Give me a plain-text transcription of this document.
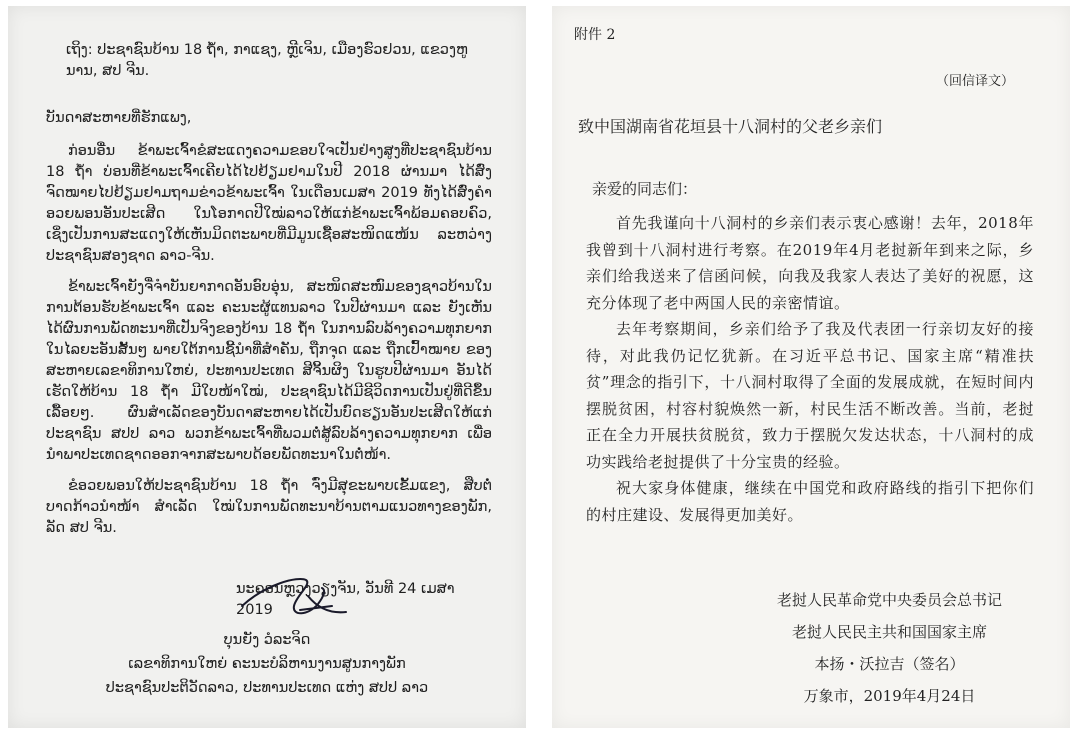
ເຖິງ: ປະຊາຊົນບ້ານ 18 ຖໍ້າ, ກາແຊງ, ຫຼີເຈິນ, ເມືອງຮົວຢວນ, ແຂວງຫູນານ, ສປ ຈີນ.

ບັນດາສະຫາຍທີ່ຮັກແພງ,

ກ່ອນອື່ນ ຂ້າພະເຈົ້າຂໍສະແດງຄວາມຂອບໃຈເປັນຢ່າງສູງທີ່ປະຊາຊົນບ້ານ 18 ຖໍ້າ ບ່ອນທີ່ຂ້າພະເຈົ້າເຄີຍໄດ້ໄປຢ້ຽມຢາມໃນປີ 2018 ຜ່ານມາ ໄດ້ສົ່ງຈົດໝາຍໄປຢ້ຽມຢາມຖາມຂ່າວຂ້າພະເຈົ້າ ໃນເດືອນເມສາ 2019 ທັງໄດ້ສົ່ງຄຳອວຍພອນອັນປະເສີດ ໃນໂອກາດປີໃໝ່ລາວໃຫ້ແກ່ຂ້າພະເຈົ້າພ້ອມຄອບຄົວ, ເຊິ່ງເປັນການສະແດງໃຫ້ເຫັນມິດຕະພາບທີ່ມີມູນເຊື້ອສະໜິດແໜ້ນ ລະຫວ່າງ ປະຊາຊົນສອງຊາດ ລາວ-ຈີນ.

ຂ້າພະເຈົ້າຍັງຈື່ຈຳບັນຍາກາດອັນອົບອຸ່ນ, ສະໜິດສະໜົມຂອງຊາວບ້ານໃນການຕ້ອນຮັບຂ້າພະເຈົ້າ ແລະ ຄະນະຜູ້ແທນລາວ ໃນປີຜ່ານມາ ແລະ ຍັງເຫັນໄດ້ຜົນການພັດທະນາທີ່ເປັນຈິງຂອງບ້ານ 18 ຖໍ້າ ໃນການລົບລ້າງຄວາມທຸກຍາກໃນໄລຍະອັນສັ້ນໆ ພາຍໃຕ້ການຊີ້ນຳທີ່ສຳຄັນ, ຖືກຈຸດ ແລະ ຖືກເປົ້າໝາຍ ຂອງ ສະຫາຍເລຂາທິການໃຫຍ່, ປະທານປະເທດ ສີຈິ້ນຜິງ ໃນຮູບປີຜ່ານມາ ອັນໄດ້ເຮັດໃຫ້ບ້ານ 18 ຖໍ້າ ມີໃບໜ້າໃໝ່, ປະຊາຊົນໄດ້ມີຊີວິດການເປັນຢູ່ທີ່ດີຂຶ້ນເລື້ອຍໆ. ຜົນສຳເລັດຂອງບັນດາສະຫາຍໄດ້ເປັນບົດຮຽນອັນປະເສີດໃຫ້ແກ່ປະຊາຊົນ ສປປ ລາວ ພວກຂ້າພະເຈົ້າທີ່ພວມຕໍ່ສູ້ລົບລ້າງຄວາມທຸກຍາກ ເພື່ອນຳພາປະເທດຊາດອອກຈາກສະພາບດ້ອຍພັດທະນາໃນຕໍ່ໜ້າ.

ຂໍອວຍພອນໃຫ້ປະຊາຊົນບ້ານ 18 ຖໍ້າ ຈົ່ງມີສຸຂະພາບເຂັ້ມແຂງ, ສືບຕໍ່ບາດກ້າວນຳໜ້າ ສຳເລັດ ໃໝ່ໃນການພັດທະນາບ້ານຕາມແນວທາງຂອງພັກ, ລັດ ສປ ຈີນ.

ນະຄອນຫຼວງວຽງຈັນ, ວັນທີ 24 ເມສາ 2019

ບຸນຍັງ ວໍລະຈິດ
ເລຂາທິການໃຫຍ່ ຄະນະບໍລິຫານງານສູນກາງພັກ
ປະຊາຊົນປະຕິວັດລາວ, ປະທານປະເທດ ແຫ່ງ ສປປ ລາວ
附件 2
（回信译文）
致中国湖南省花垣县十八洞村的父老乡亲们
亲爱的同志们：

首先我谨向十八洞村的乡亲们表示衷心感谢！去年，2018年我曾到十八洞村进行考察。在2019年4月老挝新年到来之际，乡亲们给我送来了信函问候，向我及我家人表达了美好的祝愿，这充分体现了老中两国人民的亲密情谊。

去年考察期间，乡亲们给予了我及代表团一行亲切友好的接待，对此我仍记忆犹新。在习近平总书记、国家主席“精准扶贫”理念的指引下，十八洞村取得了全面的发展成就，在短时间内摆脱贫困，村容村貌焕然一新，村民生活不断改善。当前，老挝正在全力开展扶贫脱贫，致力于摆脱欠发达状态，十八洞村的成功实践给老挝提供了十分宝贵的经验。

祝大家身体健康，继续在中国党和政府路线的指引下把你们的村庄建设、发展得更加美好。

老挝人民革命党中央委员会总书记
老挝人民民主共和国国家主席
本扬・沃拉吉（签名）
万象市，2019年4月24日
